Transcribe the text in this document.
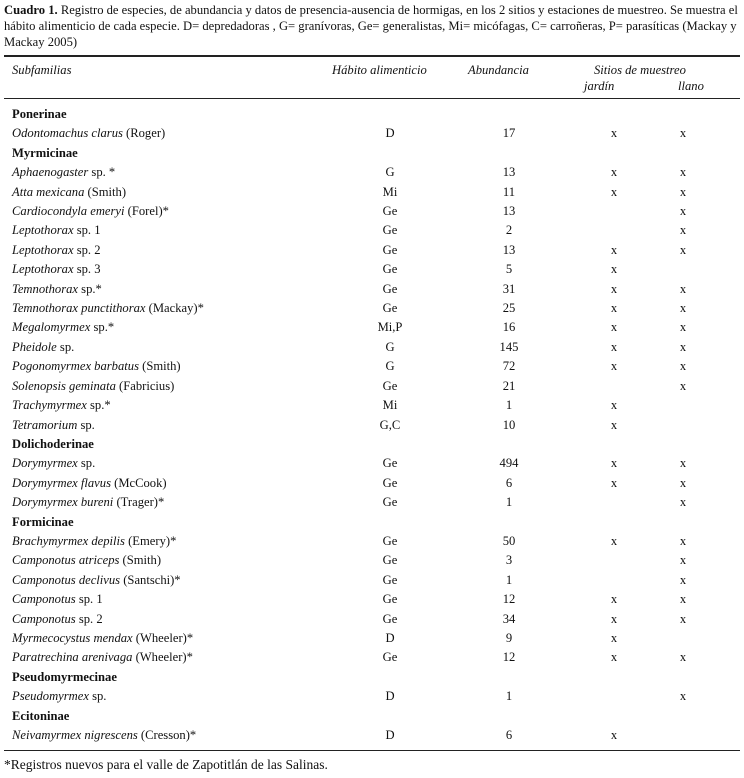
Cuadro 1. Registro de especies, de abundancia y datos de presencia-ausencia de hormigas, en los 2 sitios y estaciones de muestreo. Se muestra el hábito alimenticio de cada especie. D= depredadoras , G= granívoras, Ge= generalistas, Mi= micófagas, C= carroñeras, P= parasíticas (Mackay y Mackay 2005)
Subfamilias	Hábito alimenticio	Abundancia	Sitios de muestreo
jardín	llano
Ponerinae				
Odontomachus clarus (Roger)	D	17	x	x
Myrmicinae				
Aphaenogaster sp. *	G	13	x	x
Atta mexicana (Smith)	Mi	11	x	x
Cardiocondyla emeryi (Forel)*	Ge	13		x
Leptothorax sp. 1	Ge	2		x
Leptothorax sp. 2	Ge	13	x	x
Leptothorax sp. 3	Ge	5	x	
Temnothorax sp.*	Ge	31	x	x
Temnothorax punctithorax (Mackay)*	Ge	25	x	x
Megalomyrmex sp.*	Mi,P	16	x	x
Pheidole sp.	G	145	x	x
Pogonomyrmex barbatus (Smith)	G	72	x	x
Solenopsis geminata (Fabricius)	Ge	21		x
Trachymyrmex sp.*	Mi	1	x	
Tetramorium sp.	G,C	10	x	
Dolichoderinae				
Dorymyrmex sp.	Ge	494	x	x
Dorymyrmex flavus (McCook)	Ge	6	x	x
Dorymyrmex bureni (Trager)*	Ge	1		x
Formicinae				
Brachymyrmex depilis (Emery)*	Ge	50	x	x
Camponotus atriceps (Smith)	Ge	3		x
Camponotus declivus (Santschi)*	Ge	1		x
Camponotus sp. 1	Ge	12	x	x
Camponotus sp. 2	Ge	34	x	x
Myrmecocystus mendax (Wheeler)*	D	9	x	
Paratrechina arenivaga (Wheeler)*	Ge	12	x	x
Pseudomyrmecinae				
Pseudomyrmex sp.	D	1		x
Ecitoninae				
Neivamyrmex nigrescens (Cresson)*	D	6	x	
*Registros nuevos para el valle de Zapotitlán de las Salinas.
